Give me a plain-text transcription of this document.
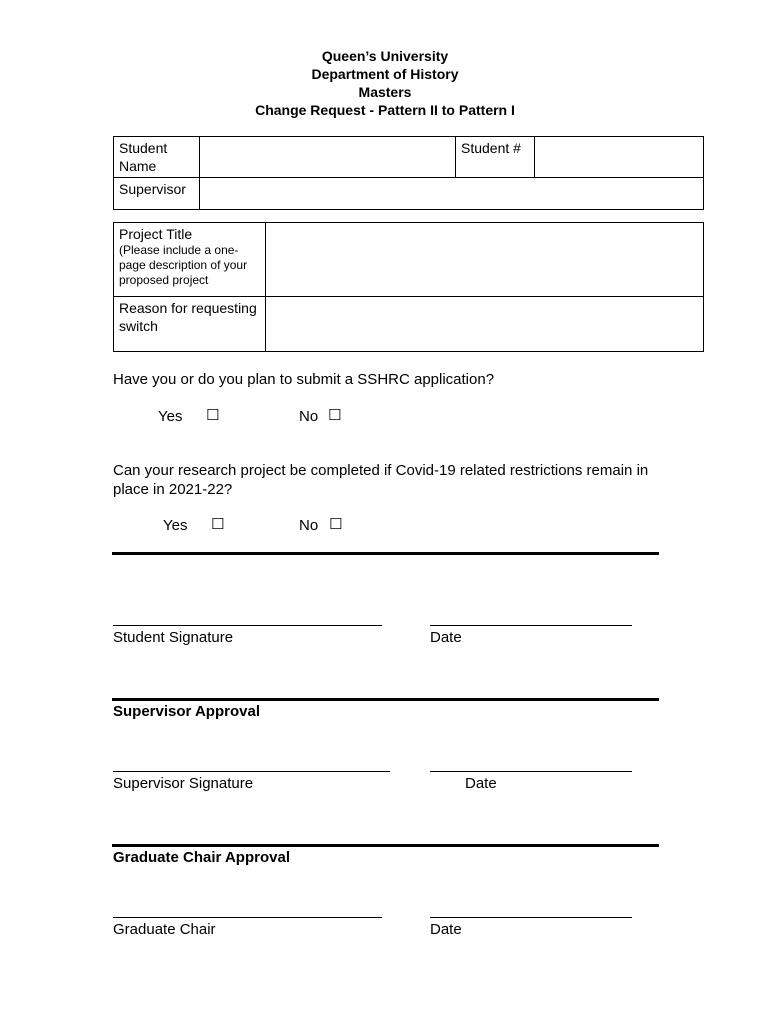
Queen’s University
Department of History
Masters
Change Request - Pattern II to Pattern I
Student Name		Student #	

Supervisor			
Project Title
(Please include a one-page description of your proposed project	

Reason for requesting switch	
Have you or do you plan to submit a SSHRC application?
Yes ☐	No ☐
Can your research project be completed if Covid-19 related restrictions remain in place in 2021-22?
Yes ☐	No ☐
Student Signature	Date
Supervisor Approval
Supervisor Signature	Date
Graduate Chair Approval
Graduate Chair	Date
